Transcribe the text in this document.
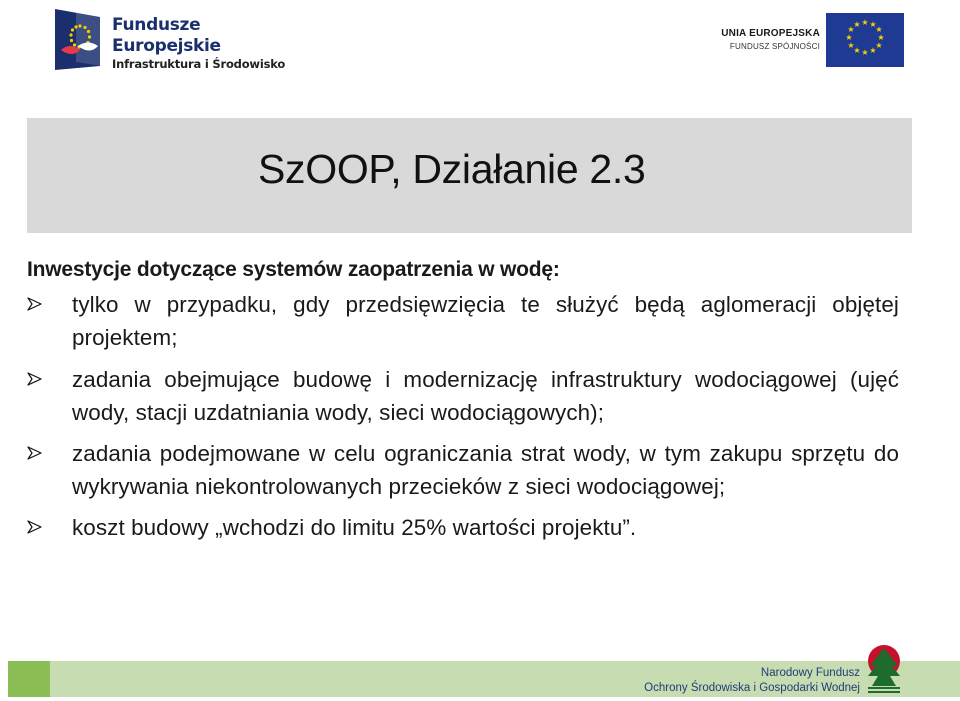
Fundusze
Europejskie
Infrastruktura i Środowisko
UNIA EUROPEJSKA
FUNDUSZ SPÓJNOŚCI
★ ★
★
★
★
★
★
★
★
★
★
★
SzOOP, Działanie 2.3
Inwestycje dotyczące systemów zaopatrzenia w wodę:
tylko w przypadku, gdy przedsięwzięcia te służyć będą aglomeracji objętej projektem;
zadania obejmujące budowę i modernizację infrastruktury wodociągowej (ujęć wody, stacji uzdatniania wody, sieci wodociągowych);
zadania podejmowane w celu ograniczania strat wody, w tym zakupu sprzętu do wykrywania niekontrolowanych przecieków z sieci wodociągowej;
koszt budowy „wchodzi do limitu 25% wartości projektu”.
Narodowy Fundusz
Ochrony Środowiska i Gospodarki Wodnej
